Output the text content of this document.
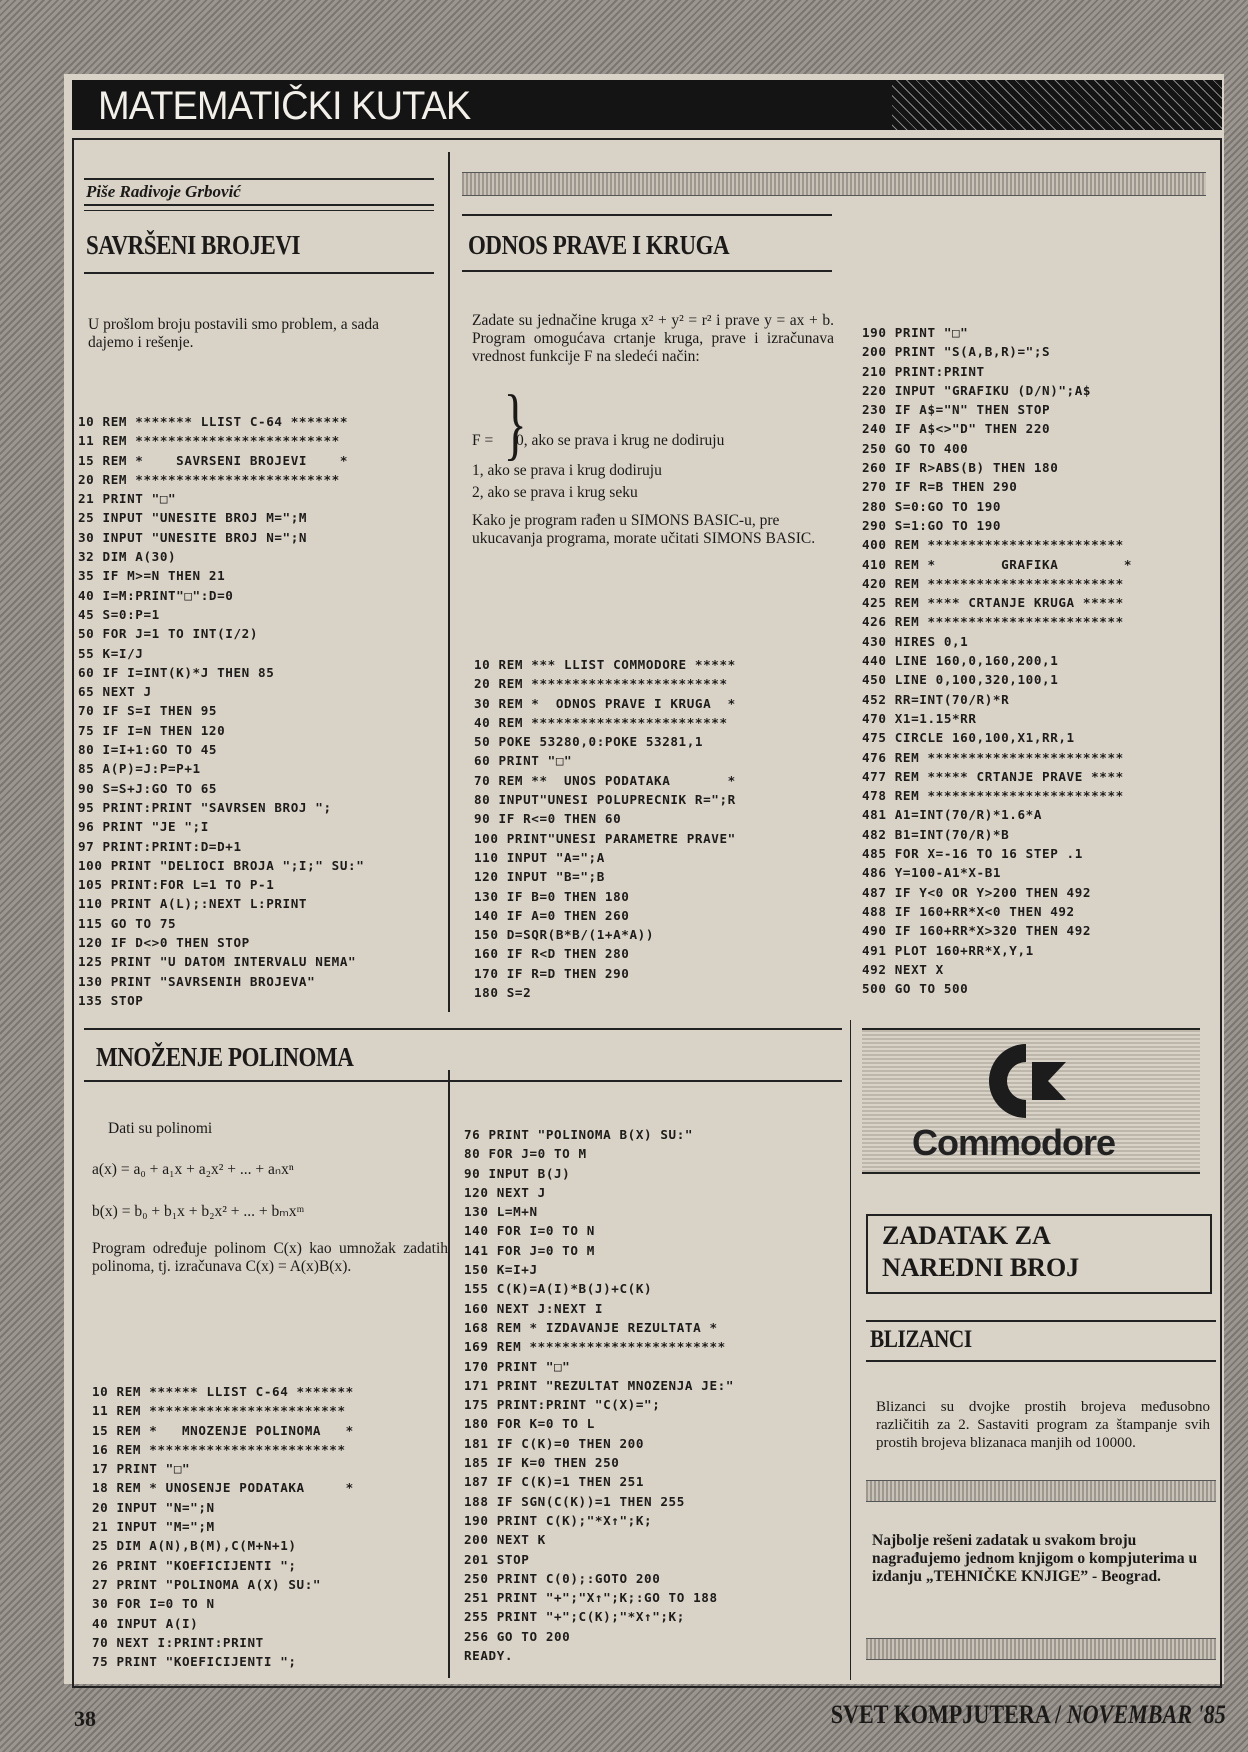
MATEMATIČKI KUTAK
Piše Radivoje Grbović
SAVRŠENI BROJEVI
U prošlom broju postavili smo problem, a sada dajemo i rešenje.
10 REM ******* LLIST C-64 *******
11 REM *************************
15 REM *    SAVRSENI BROJEVI    *
20 REM *************************
21 PRINT "□"
25 INPUT "UNESITE BROJ M=";M
30 INPUT "UNESITE BROJ N=";N
32 DIM A(30)
35 IF M>=N THEN 21
40 I=M:PRINT"□":D=0
45 S=0:P=1
50 FOR J=1 TO INT(I/2)
55 K=I/J
60 IF I=INT(K)*J THEN 85
65 NEXT J
70 IF S=I THEN 95
75 IF I=N THEN 120
80 I=I+1:GO TO 45
85 A(P)=J:P=P+1
90 S=S+J:GO TO 65
95 PRINT:PRINT "SAVRSEN BROJ ";
96 PRINT "JE ";I
97 PRINT:PRINT:D=D+1
100 PRINT "DELIOCI BROJA ";I;" SU:"
105 PRINT:FOR L=1 TO P-1
110 PRINT A(L);:NEXT L:PRINT
115 GO TO 75
120 IF D<>0 THEN STOP
125 PRINT "U DATOM INTERVALU NEMA"
130 PRINT "SAVRSENIH BROJEVA"
135 STOP
ODNOS PRAVE I KRUGA
Zadate su jednačine kruga x² + y² = r² i prave y = ax + b. Program omogućava crtanje kruga, prave i izračunava vrednost funkcije F na sledeći način:
F = }
0, ako se prava i krug ne dodiruju
1, ako se prava i krug dodiruju
2, ako se prava i krug seku
Kako je program rađen u SIMONS BASIC-u, pre ukucavanja programa, morate učitati SIMONS BASIC.
10 REM *** LLIST COMMODORE *****
20 REM ************************
30 REM *  ODNOS PRAVE I KRUGA  *
40 REM ************************
50 POKE 53280,0:POKE 53281,1
60 PRINT "□"
70 REM **  UNOS PODATAKA       *
80 INPUT"UNESI POLUPRECNIK R=";R
90 IF R<=0 THEN 60
100 PRINT"UNESI PARAMETRE PRAVE"
110 INPUT "A=";A
120 INPUT "B=";B
130 IF B=0 THEN 180
140 IF A=0 THEN 260
150 D=SQR(B*B/(1+A*A))
160 IF R<D THEN 280
170 IF R=D THEN 290
180 S=2
190 PRINT "□"
200 PRINT "S(A,B,R)=";S
210 PRINT:PRINT
220 INPUT "GRAFIKU (D/N)";A$
230 IF A$="N" THEN STOP
240 IF A$<>"D" THEN 220
250 GO TO 400
260 IF R>ABS(B) THEN 180
270 IF R=B THEN 290
280 S=0:GO TO 190
290 S=1:GO TO 190
400 REM ************************
410 REM *        GRAFIKA        *
420 REM ************************
425 REM **** CRTANJE KRUGA *****
426 REM ************************
430 HIRES 0,1
440 LINE 160,0,160,200,1
450 LINE 0,100,320,100,1
452 RR=INT(70/R)*R
470 X1=1.15*RR
475 CIRCLE 160,100,X1,RR,1
476 REM ************************
477 REM ***** CRTANJE PRAVE ****
478 REM ************************
481 A1=INT(70/R)*1.6*A
482 B1=INT(70/R)*B
485 FOR X=-16 TO 16 STEP .1
486 Y=100-A1*X-B1
487 IF Y<0 OR Y>200 THEN 492
488 IF 160+RR*X<0 THEN 492
490 IF 160+RR*X>320 THEN 492
491 PLOT 160+RR*X,Y,1
492 NEXT X
500 GO TO 500
MNOŽENJE POLINOMA
Dati su polinomi
a(x) = a₀ + a₁x + a₂x² + ... + aₙxⁿ
b(x) = b₀ + b₁x + b₂x² + ... + bₘxᵐ
Program određuje polinom C(x) kao umnožak zadatih polinoma, tj. izračunava C(x) = A(x)B(x).
10 REM ****** LLIST C-64 *******
11 REM ************************
15 REM *   MNOZENJE POLINOMA   *
16 REM ************************
17 PRINT "□"
18 REM * UNOSENJE PODATAKA     *
20 INPUT "N=";N
21 INPUT "M=";M
25 DIM A(N),B(M),C(M+N+1)
26 PRINT "KOEFICIJENTI ";
27 PRINT "POLINOMA A(X) SU:"
30 FOR I=0 TO N
40 INPUT A(I)
70 NEXT I:PRINT:PRINT
75 PRINT "KOEFICIJENTI ";
76 PRINT "POLINOMA B(X) SU:"
80 FOR J=0 TO M
90 INPUT B(J)
120 NEXT J
130 L=M+N
140 FOR I=0 TO N
141 FOR J=0 TO M
150 K=I+J
155 C(K)=A(I)*B(J)+C(K)
160 NEXT J:NEXT I
168 REM * IZDAVANJE REZULTATA *
169 REM ************************
170 PRINT "□"
171 PRINT "REZULTAT MNOZENJA JE:"
175 PRINT:PRINT "C(X)=";
180 FOR K=0 TO L
181 IF C(K)=0 THEN 200
185 IF K=0 THEN 250
187 IF C(K)=1 THEN 251
188 IF SGN(C(K))=1 THEN 255
190 PRINT C(K);"*X↑";K;
200 NEXT K
201 STOP
250 PRINT C(0);:GOTO 200
251 PRINT "+";"X↑";K;:GO TO 188
255 PRINT "+";C(K);"*X↑";K;
256 GO TO 200
READY.
Commodore
ZADATAK ZA
NAREDNI BROJ
BLIZANCI
Blizanci su dvojke prostih brojeva međusobno različitih za 2. Sastaviti program za štampanje svih prostih brojeva blizanaca manjih od 10000.
Najbolje rešeni zadatak u svakom broju nagrađujemo jednom knjigom o kompjuterima u izdanju „TEHNIČKE KNJIGE” - Beograd.
38	SVET KOMPJUTERA / NOVEMBAR '85
